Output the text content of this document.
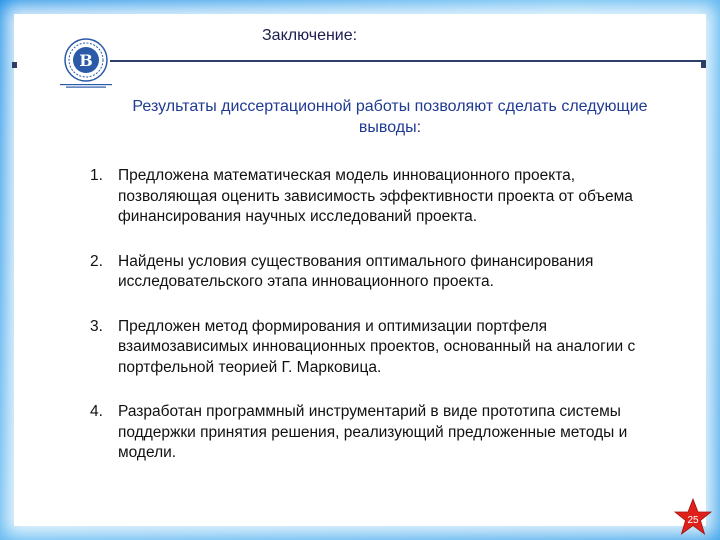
В
Заключение:
Результаты диссертационной работы позволяют сделать следующие выводы:
1. Предложена математическая модель инновационного проекта, позволяющая оценить зависимость эффективности проекта от объема финансирования научных исследований проекта.
2. Найдены условия существования оптимального финансирования исследовательского этапа инновационного проекта.
3. Предложен метод формирования и оптимизации портфеля взаимозависимых инновационных проектов, основанный на аналогии с портфельной теорией Г. Марковица.
4. Разработан программный инструментарий в виде прототипа системы поддержки принятия решения, реализующий предложенные методы и модели.
25
